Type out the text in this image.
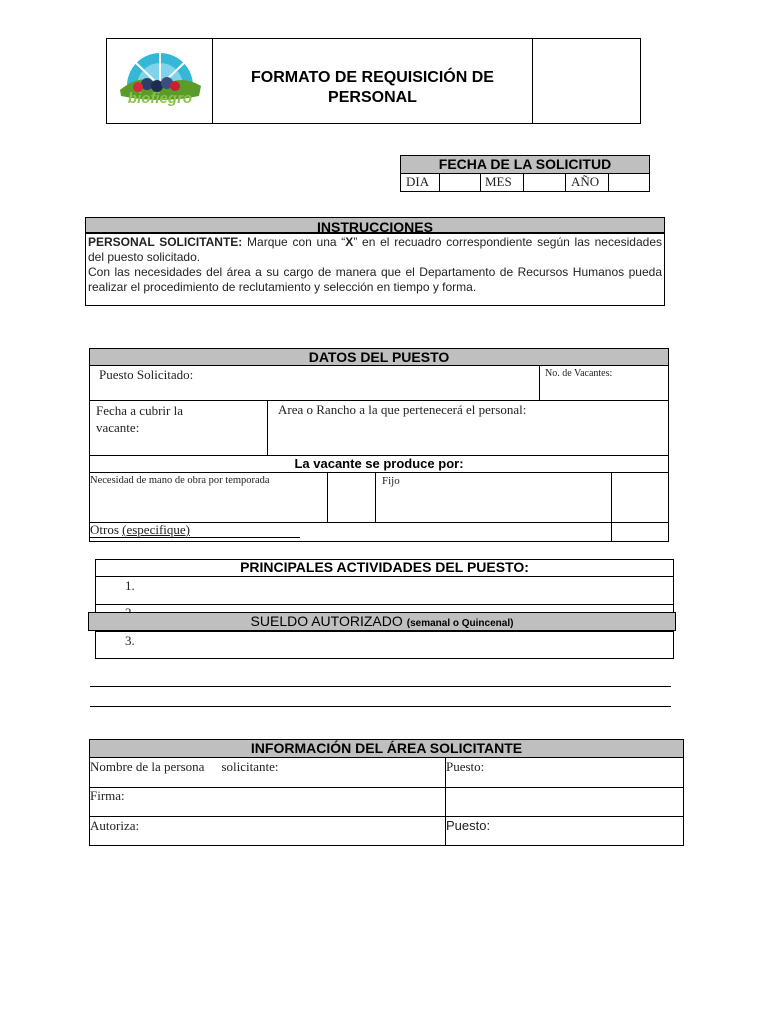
biofiegro
FORMATO DE REQUISICIÓN DE
PERSONAL
FECHA DE LA SOLICITUD
DIA	MES	AÑO
INSTRUCCIONES
PERSONAL SOLICITANTE: Marque con una “X” en el recuadro correspondiente según las necesidades del puesto solicitado.
Con las necesidades del área a su cargo de manera que el Departamento de Recursos Humanos pueda realizar el procedimiento de reclutamiento y selección en tiempo y forma.
DATOS DEL PUESTO
Puesto Solicitado:	No. de Vacantes:
Fecha a cubrir la vacante:
Area o Rancho a la que pertenecerá el personal:
La vacante se produce por:
Necesidad de mano de obra por temporada	Fijo
Otros (especifique)
PRINCIPALES ACTIVIDADES DEL PUESTO:
1.
3.
SUELDO AUTORIZADO (semanal o Quincenal)
INFORMACIÓN DEL ÁREA SOLICITANTE
Nombre de la persona solicitante:	Puesto:
Firma:
Autoriza:	Puesto:
